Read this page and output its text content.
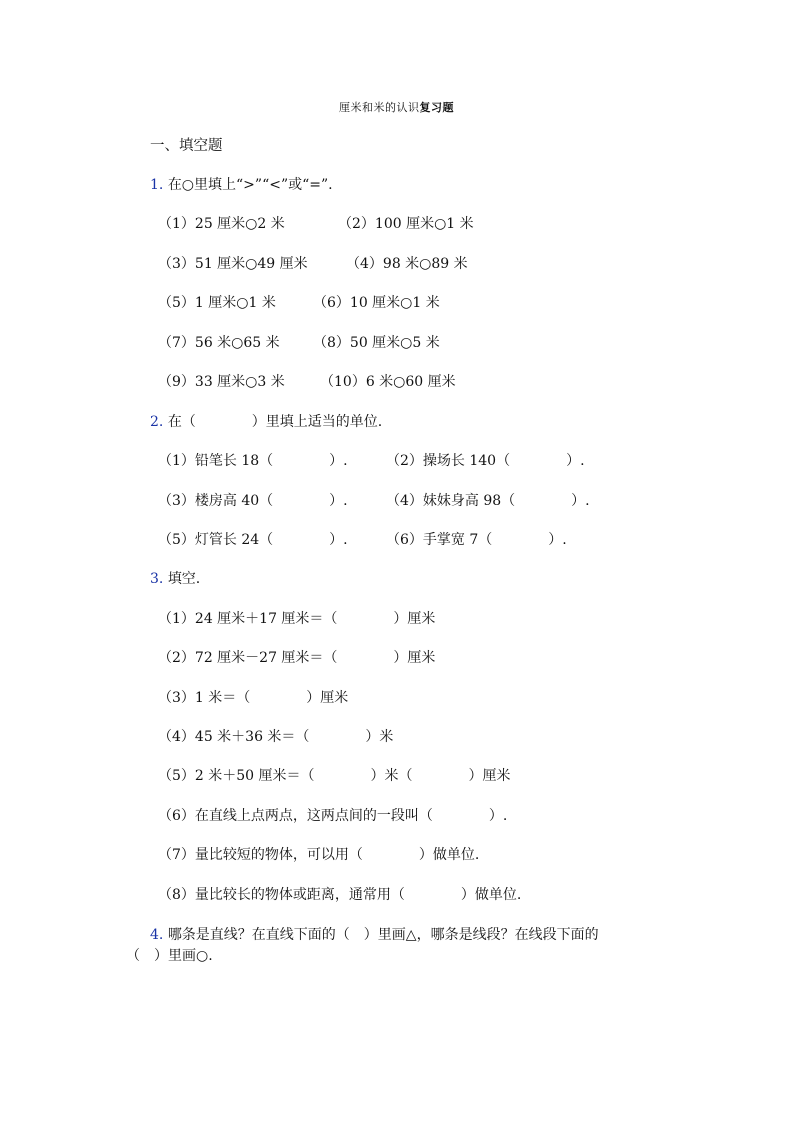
厘米和米的认识复习题
一、填空题
1. 在○里填上“>”“<”或“=”.
（1）25 厘米○2 米	（2）100 厘米○1 米
（3）51 厘米○49 厘米	（4）98 米○89 米
（5）1 厘米○1 米	（6）10 厘米○1 米
（7）56 米○65 米 （8）50 厘米○5 米
（9）33 厘米○3 米	（10）6 米○60 厘米
2. 在（　　　　）里填上适当的单位.
（1）铅笔长 18（　　　　）.	（2）操场长 140（　　　　）.
（3）楼房高 40（　　　　）.	（4）妹妹身高 98（　　　　）.
（5）灯管长 24（　　　　）.	（6）手掌宽 7（　　　　）.
3. 填空.
（1）24 厘米＋17 厘米＝（　　　　）厘米
（2）72 厘米－27 厘米＝（　　　　）厘米
（3）1 米＝（　　　　）厘米
（4）45 米＋36 米＝（　　　　）米
（5）2 米＋50 厘米＝（　　　　）米（　　　　）厘米
（6）在直线上点两点，这两点间的一段叫（　　　　）.
（7）量比较短的物体，可以用（　　　　）做单位.
（8）量比较长的物体或距离，通常用（　　　　）做单位.
4. 哪条是直线？在直线下面的（　）里画△，哪条是线段？在线段下面的
（　）里画○.
